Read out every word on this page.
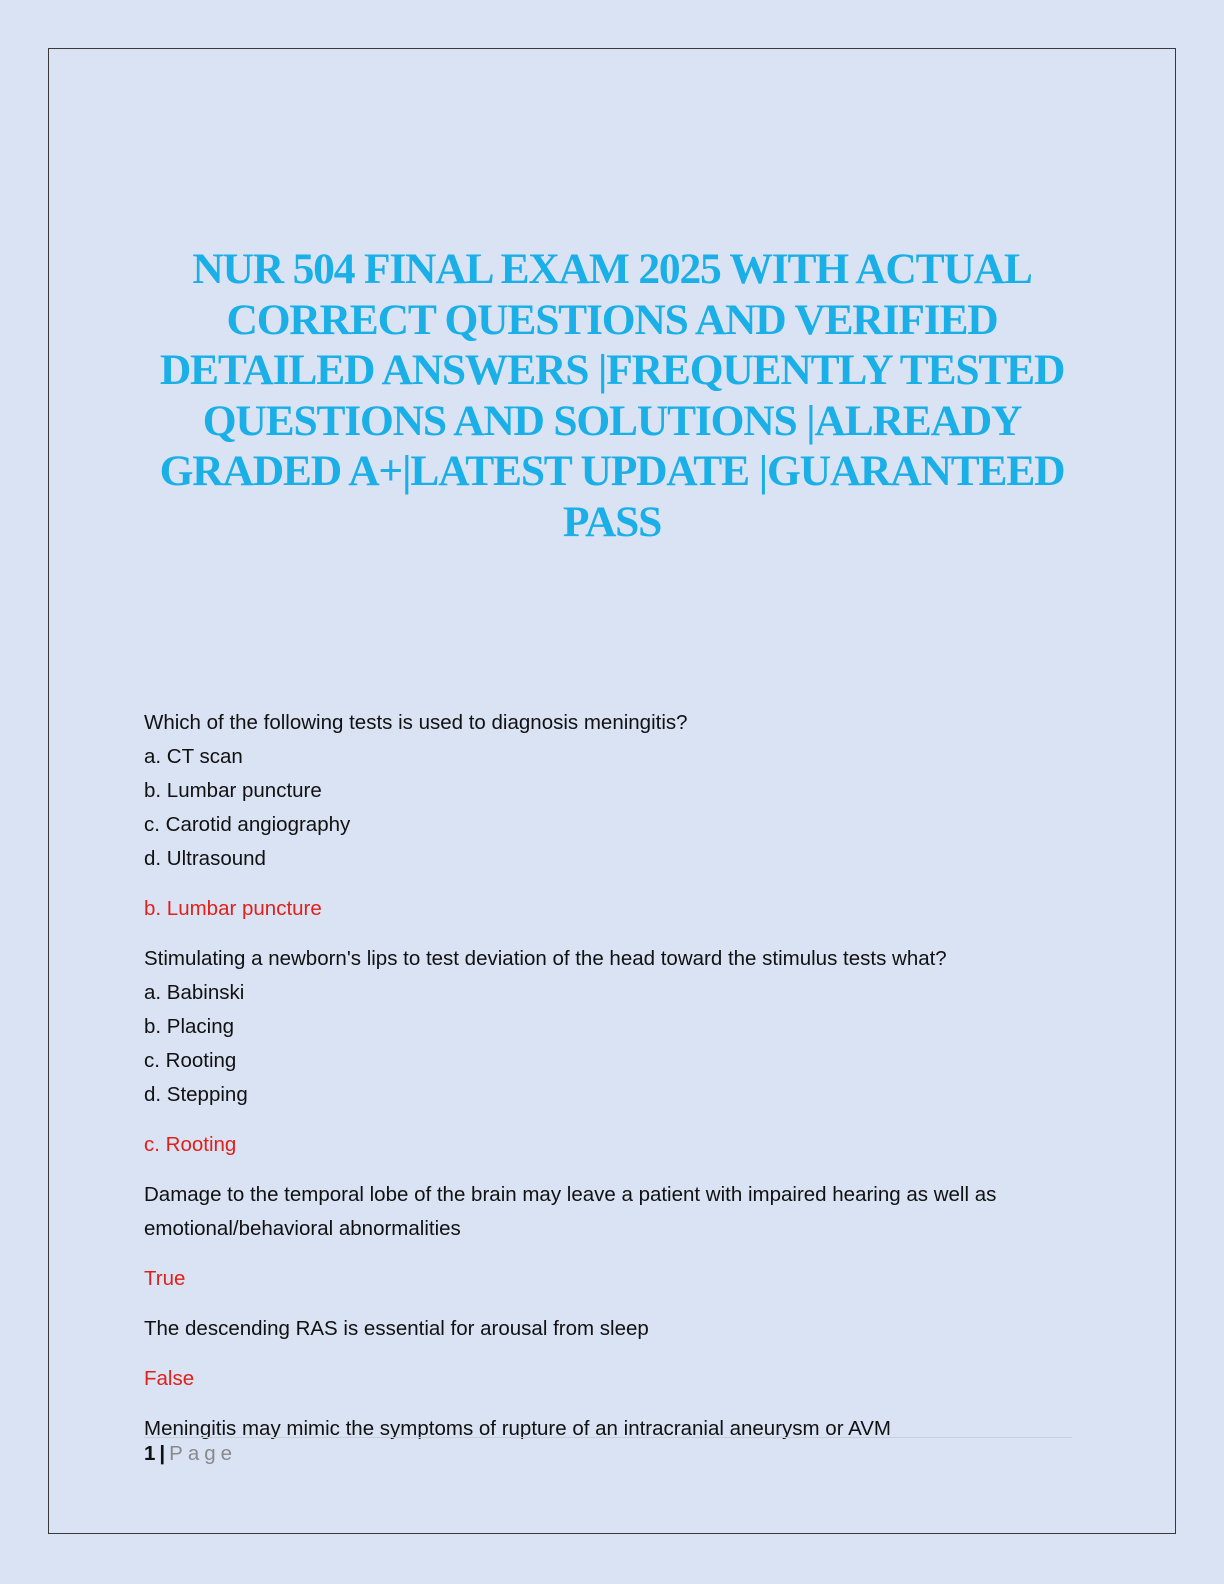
NUR 504 FINAL EXAM 2025 WITH ACTUAL
CORRECT QUESTIONS AND VERIFIED
DETAILED ANSWERS |FREQUENTLY TESTED
QUESTIONS AND SOLUTIONS |ALREADY
GRADED A+|LATEST UPDATE |GUARANTEED
PASS

Which of the following tests is used to diagnosis meningitis?

a. CT scan

b. Lumbar puncture

c. Carotid angiography

d. Ultrasound

b. Lumbar puncture

Stimulating a newborn's lips to test deviation of the head toward the stimulus tests what?

a. Babinski

b. Placing

c. Rooting

d. Stepping

c. Rooting

Damage to the temporal lobe of the brain may leave a patient with impaired hearing as well as emotional/behavioral abnormalities

True

The descending RAS is essential for arousal from sleep

False

Meningitis may mimic the symptoms of rupture of an intracranial aneurysm or AVM

1 | Page
